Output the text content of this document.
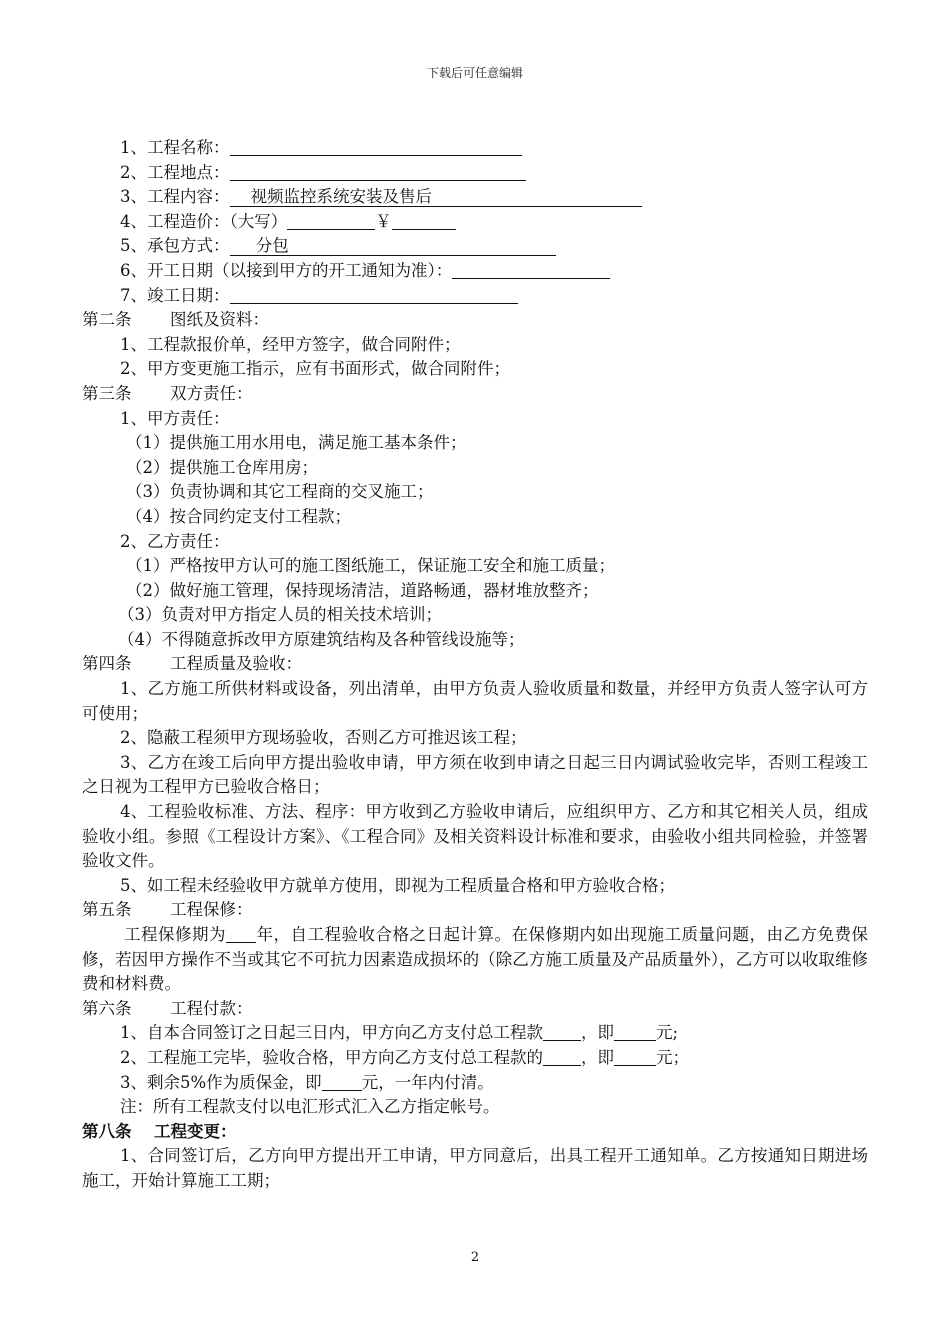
下载后可任意编辑
1、工程名称：
2、工程地点：
3、工程内容： 视频监控系统安装及售后
4、工程造价：（大写）	￥
5、承包方式： 分包
6、开工日期（以接到甲方的开工通知为准）：
7、竣工日期：
第二条 图纸及资料：
1、工程款报价单，经甲方签字，做合同附件；
2、甲方变更施工指示，应有书面形式，做合同附件；
第三条 双方责任：
1、甲方责任：
（1）提供施工用水用电，满足施工基本条件；
（2）提供施工仓库用房；
（3）负责协调和其它工程商的交叉施工；
（4）按合同约定支付工程款；
2、乙方责任：
（1）严格按甲方认可的施工图纸施工，保证施工安全和施工质量；
（2）做好施工管理，保持现场清洁，道路畅通，器材堆放整齐；
（3）负责对甲方指定人员的相关技术培训；
（4）不得随意拆改甲方原建筑结构及各种管线设施等；
第四条 工程质量及验收：
1、乙方施工所供材料或设备，列出清单，由甲方负责人验收质量和数量，并经甲方负责人签字认可方可使用；
2、隐蔽工程须甲方现场验收，否则乙方可推迟该工程；
3、乙方在竣工后向甲方提出验收申请，甲方须在收到申请之日起三日内调试验收完毕，否则工程竣工之日视为工程甲方已验收合格日；
4、工程验收标准、方法、程序：甲方收到乙方验收申请后，应组织甲方、乙方和其它相关人员，组成验收小组。参照《工程设计方案》、《工程合同》及相关资料设计标准和要求，由验收小组共同检验，并签署验收文件。
5、如工程未经验收甲方就单方使用，即视为工程质量合格和甲方验收合格；
第五条 工程保修：
工程保修期为 年，自工程验收合格之日起计算。在保修期内如出现施工质量问题，由乙方免费保修，若因甲方操作不当或其它不可抗力因素造成损坏的（除乙方施工质量及产品质量外），乙方可以收取维修费和材料费。
第六条 工程付款：
1、自本合同签订之日起三日内，甲方向乙方支付总工程款 ，即	元;
2、工程施工完毕，验收合格，甲方向乙方支付总工程款的 ，即	元；
3、剩余5%作为质保金，即 元，一年内付清。
注：所有工程款支付以电汇形式汇入乙方指定帐号。
第八条 工程变更：
1、合同签订后，乙方向甲方提出开工申请，甲方同意后，出具工程开工通知单。乙方按通知日期进场施工，开始计算施工工期；
2
